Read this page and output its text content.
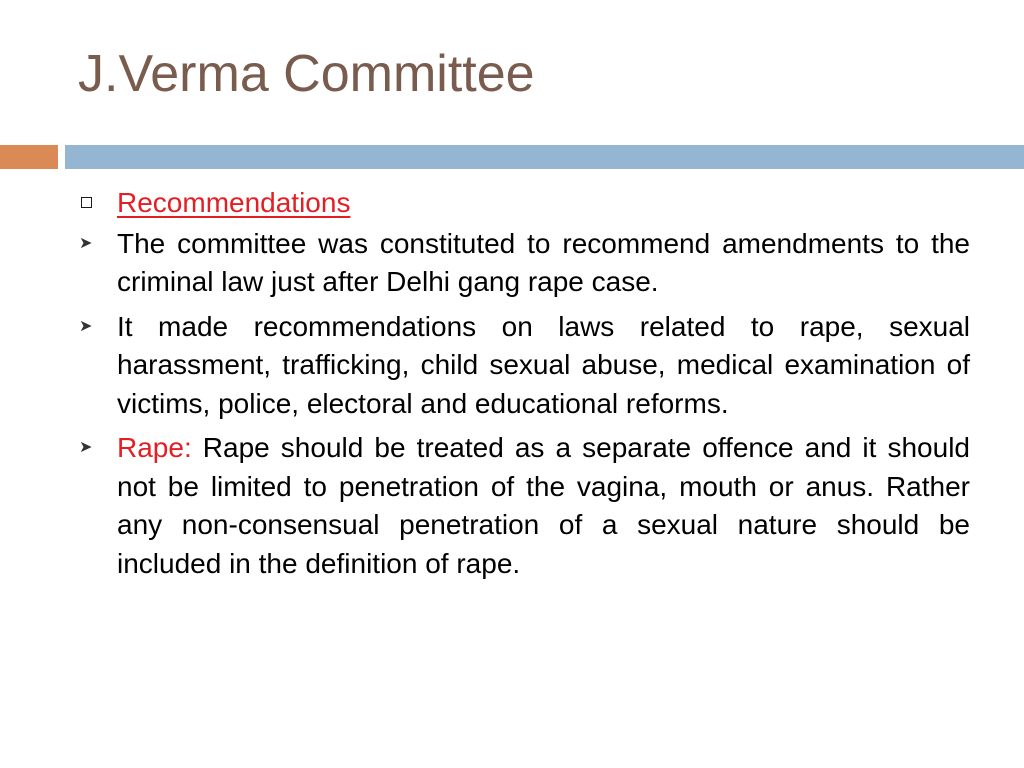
J.Verma Committee
Recommendations
➤ The committee was constituted to recommend amendments to the criminal law just after Delhi gang rape case.
➤ It made recommendations on laws related to rape, sexual harassment, trafficking, child sexual abuse, medical examination of victims, police, electoral and educational reforms.
➤ Rape: Rape should be treated as a separate offence and it should not be limited to penetration of the vagina, mouth or anus. Rather any non-consensual penetration of a sexual nature should be included in the definition of rape.
